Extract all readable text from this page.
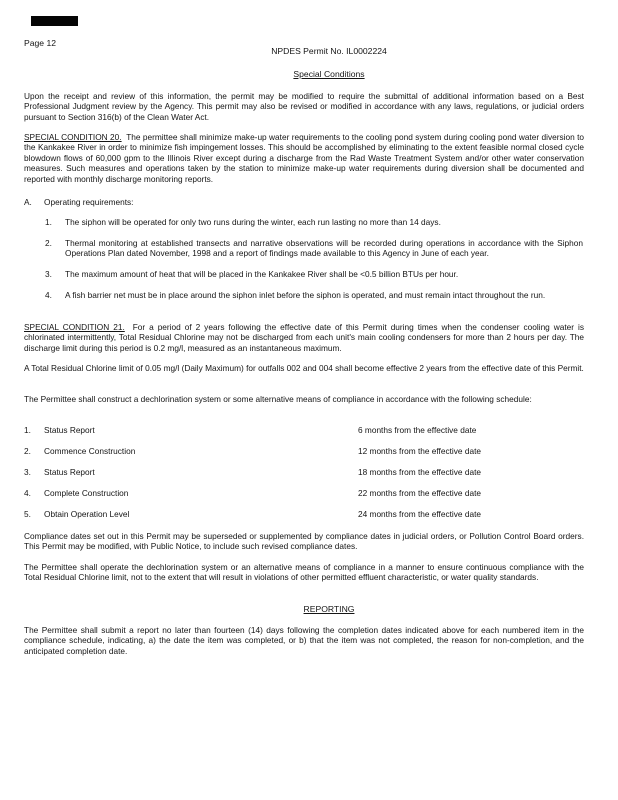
Page 12
NPDES Permit No. IL0002224
Special Conditions
Upon the receipt and review of this information, the permit may be modified to require the submittal of additional information based on a Best Professional Judgment review by the Agency. This permit may also be revised or modified in accordance with any laws, regulations, or judicial orders pursuant to Section 316(b) of the Clean Water Act.
SPECIAL CONDITION 20. The permittee shall minimize make-up water requirements to the cooling pond system during cooling pond water diversion to the Kankakee River in order to minimize fish impingement losses. This should be accomplished by eliminating to the extent feasible normal closed cycle blowdown flows of 60,000 gpm to the Illinois River except during a discharge from the Rad Waste Treatment System and/or other water conservation measures. Such measures and operations taken by the station to minimize make-up water requirements during diversion shall be documented and reported with monthly discharge monitoring reports.
A. Operating requirements:
1. The siphon will be operated for only two runs during the winter, each run lasting no more than 14 days.
2. Thermal monitoring at established transects and narrative observations will be recorded during operations in accordance with the Siphon Operations Plan dated November, 1998 and a report of findings made available to this Agency in June of each year.
3. The maximum amount of heat that will be placed in the Kankakee River shall be <0.5 billion BTUs per hour.
4. A fish barrier net must be in place around the siphon inlet before the siphon is operated, and must remain intact throughout the run.
SPECIAL CONDITION 21. For a period of 2 years following the effective date of this Permit during times when the condenser cooling water is chlorinated intermittently, Total Residual Chlorine may not be discharged from each unit's main cooling condensers for more than 2 hours per day. The discharge limit during this period is 0.2 mg/l, measured as an instantaneous maximum.
A Total Residual Chlorine limit of 0.05 mg/l (Daily Maximum) for outfalls 002 and 004 shall become effective 2 years from the effective date of this Permit.
The Permittee shall construct a dechlorination system or some alternative means of compliance in accordance with the following schedule:
1. Status Report	6 months from the effective date
2. Commence Construction	12 months from the effective date
3. Status Report	18 months from the effective date
4. Complete Construction	22 months from the effective date
5. Obtain Operation Level	24 months from the effective date
Compliance dates set out in this Permit may be superseded or supplemented by compliance dates in judicial orders, or Pollution Control Board orders. This Permit may be modified, with Public Notice, to include such revised compliance dates.
The Permittee shall operate the dechlorination system or an alternative means of compliance in a manner to ensure continuous compliance with the Total Residual Chlorine limit, not to the extent that will result in violations of other permitted effluent characteristic, or water quality standards.
REPORTING
The Permittee shall submit a report no later than fourteen (14) days following the completion dates indicated above for each numbered item in the compliance schedule, indicating, a) the date the item was completed, or b) that the item was not completed, the reason for non-completion, and the anticipated completion date.
